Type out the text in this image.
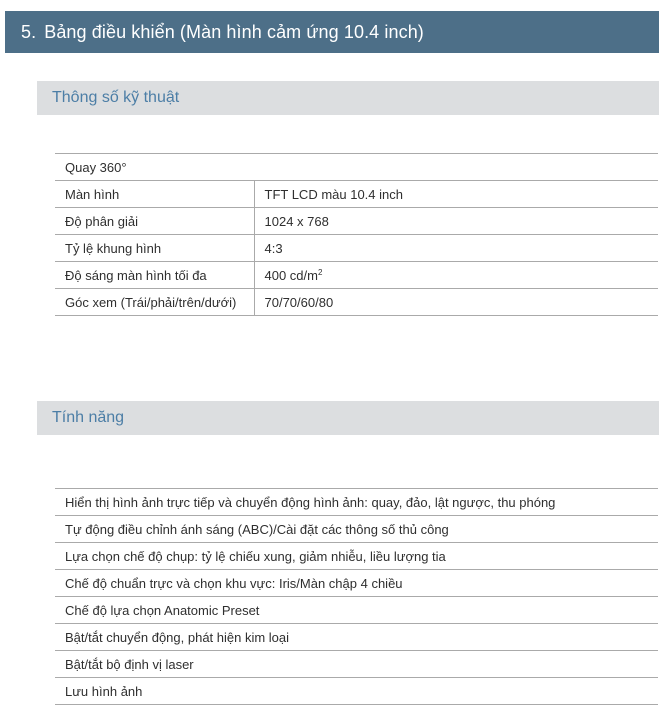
5. Bảng điều khiển (Màn hình cảm ứng 10.4 inch)
Thông số kỹ thuật
Quay 360°	
Màn hình	TFT LCD màu 10.4 inch
Độ phân giải	1024 x 768
Tỷ lệ khung hình	4:3
Độ sáng màn hình tối đa	400 $cd/m^2$
Góc xem (Trái/phải/trên/dưới)	70/70/60/80
Tính năng
Hiển thị hình ảnh trực tiếp và chuyển động hình ảnh: quay, đảo, lật ngược, thu phóng
Tự động điều chỉnh ánh sáng (ABC)/Cài đặt các thông số thủ công
Lựa chọn chế độ chụp: tỷ lệ chiếu xung, giảm nhiễu, liều lượng tia
Chế độ chuẩn trực và chọn khu vực: Iris/Màn chập 4 chiều
Chế độ lựa chọn Anatomic Preset
Bật/tắt chuyển động, phát hiện kim loại
Bật/tắt bộ định vị laser
Lưu hình ảnh
